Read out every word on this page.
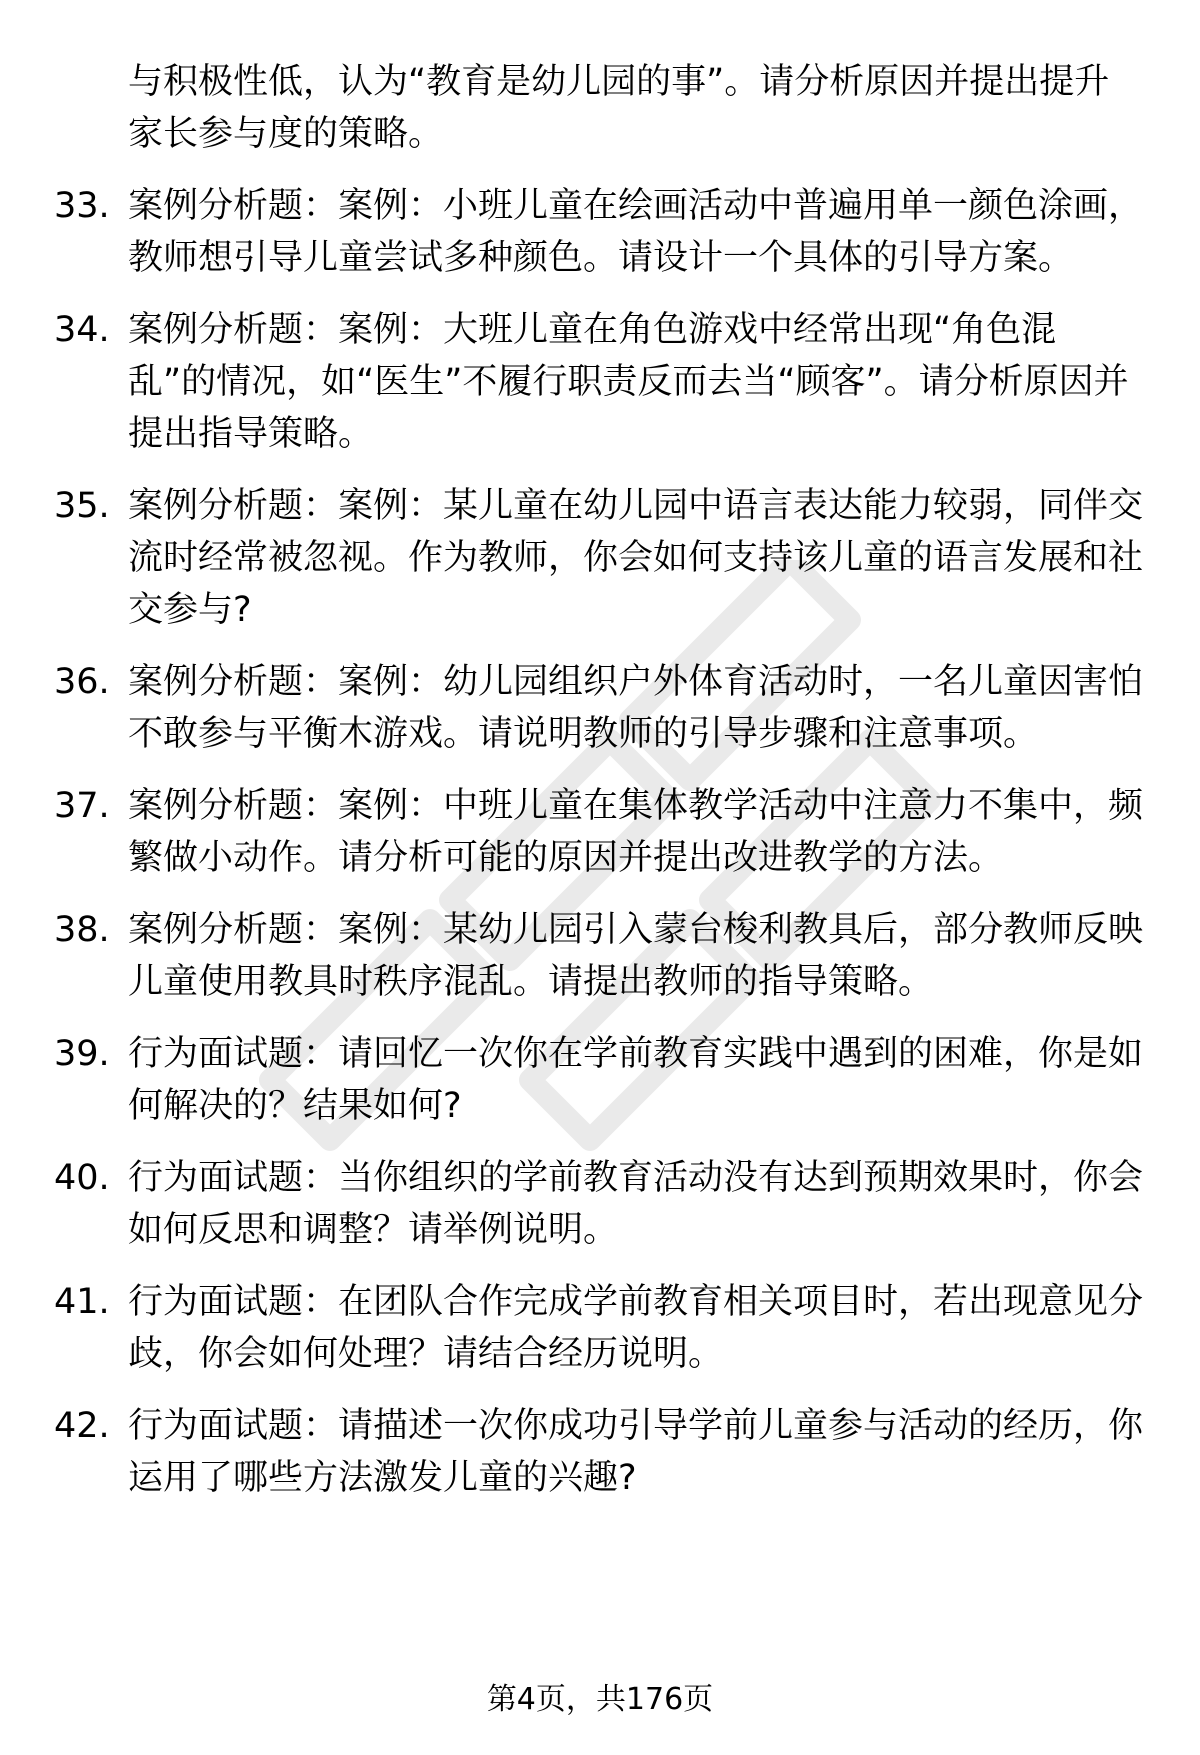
与积极性低，认为“教育是幼儿园的事”。请分析原因并提出提升家长参与度的策略。
33. 案例分析题：案例：小班儿童在绘画活动中普遍用单一颜色涂画，教师想引导儿童尝试多种颜色。请设计一个具体的引导方案。
34. 案例分析题：案例：大班儿童在角色游戏中经常出现“角色混乱”的情况，如“医生”不履行职责反而去当“顾客”。请分析原因并提出指导策略。
35. 案例分析题：案例：某儿童在幼儿园中语言表达能力较弱，同伴交流时经常被忽视。作为教师，你会如何支持该儿童的语言发展和社交参与?
36. 案例分析题：案例：幼儿园组织户外体育活动时，一名儿童因害怕不敢参与平衡木游戏。请说明教师的引导步骤和注意事项。
37. 案例分析题：案例：中班儿童在集体教学活动中注意力不集中，频繁做小动作。请分析可能的原因并提出改进教学的方法。
38. 案例分析题：案例：某幼儿园引入蒙台梭利教具后，部分教师反映儿童使用教具时秩序混乱。请提出教师的指导策略。
39. 行为面试题：请回忆一次你在学前教育实践中遇到的困难，你是如何解决的？结果如何?
40. 行为面试题：当你组织的学前教育活动没有达到预期效果时，你会如何反思和调整？请举例说明。
41. 行为面试题：在团队合作完成学前教育相关项目时，若出现意见分歧，你会如何处理？请结合经历说明。
42. 行为面试题：请描述一次你成功引导学前儿童参与活动的经历，你运用了哪些方法激发儿童的兴趣?
第4页，共176页
